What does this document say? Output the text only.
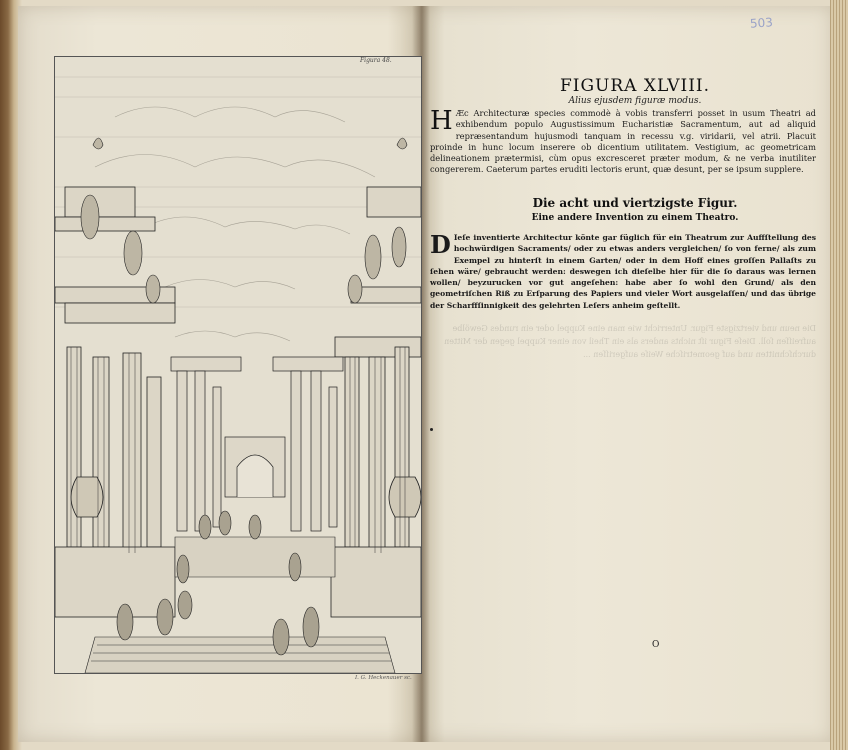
Figura 48.
I. G. Heckenauer sc.
503
FIGURA XLVIII.
Alius ejusdem figuræ modus.
H Æc Architecturæ species commodè à vobis transferri posset in usum Theatri ad exhibendum populo Augustissimum Eucharistiæ Sacramentum, aut ad aliquid repræsentandum hujusmodi tanquam in recessu v.g. viridarii, vel atrii. Placuit proinde in hunc locum inserere ob dicentium utilitatem. Vestigium, ac geometricam delineationem prætermisi, cùm opus excresceret præter modum, & ne verba inutiliter congererem. Caeterum partes eruditi lectoris erunt, quæ desunt, per se ipsum supplere.
Die acht und viertzigste Figur.
Eine andere Invention zu einem Theatro.
D Ieſe inventierte Architectur könte gar füglich für ein Theatrum zur Auffſtellung des hochwürdigen Sacraments/ oder zu etwas anders vergleichen/ ſo von ferne/ als zum Exempel zu hinterſt in einem Garten/ oder in dem Hoff eines groſſen Pallaſts zu ſehen wäre/ gebraucht werden: deswegen ich dieſelbe hier für die ſo daraus was lernen wollen/ beyzurucken vor gut angeſehen: habe aber ſo wohl den Grund/ als den geometriſchen Riß zu Erſparung des Papiers und vieler Wort ausgelaſſen/ und das übrige der Scharffſinnigkeit des gelehrten Leſers anheim geſtellt.
Die neun und viertzigste Figur. Unterricht wie man eine Kuppel oder ein rundes Gewölbe aufreiſſen ſoll. Dieſe Figur iſt nichts anders als ein Theil von einer Kuppel gegen der Mitten durchſchnitten und auf geometriſche Weiſe aufgeriſſen ...
O
